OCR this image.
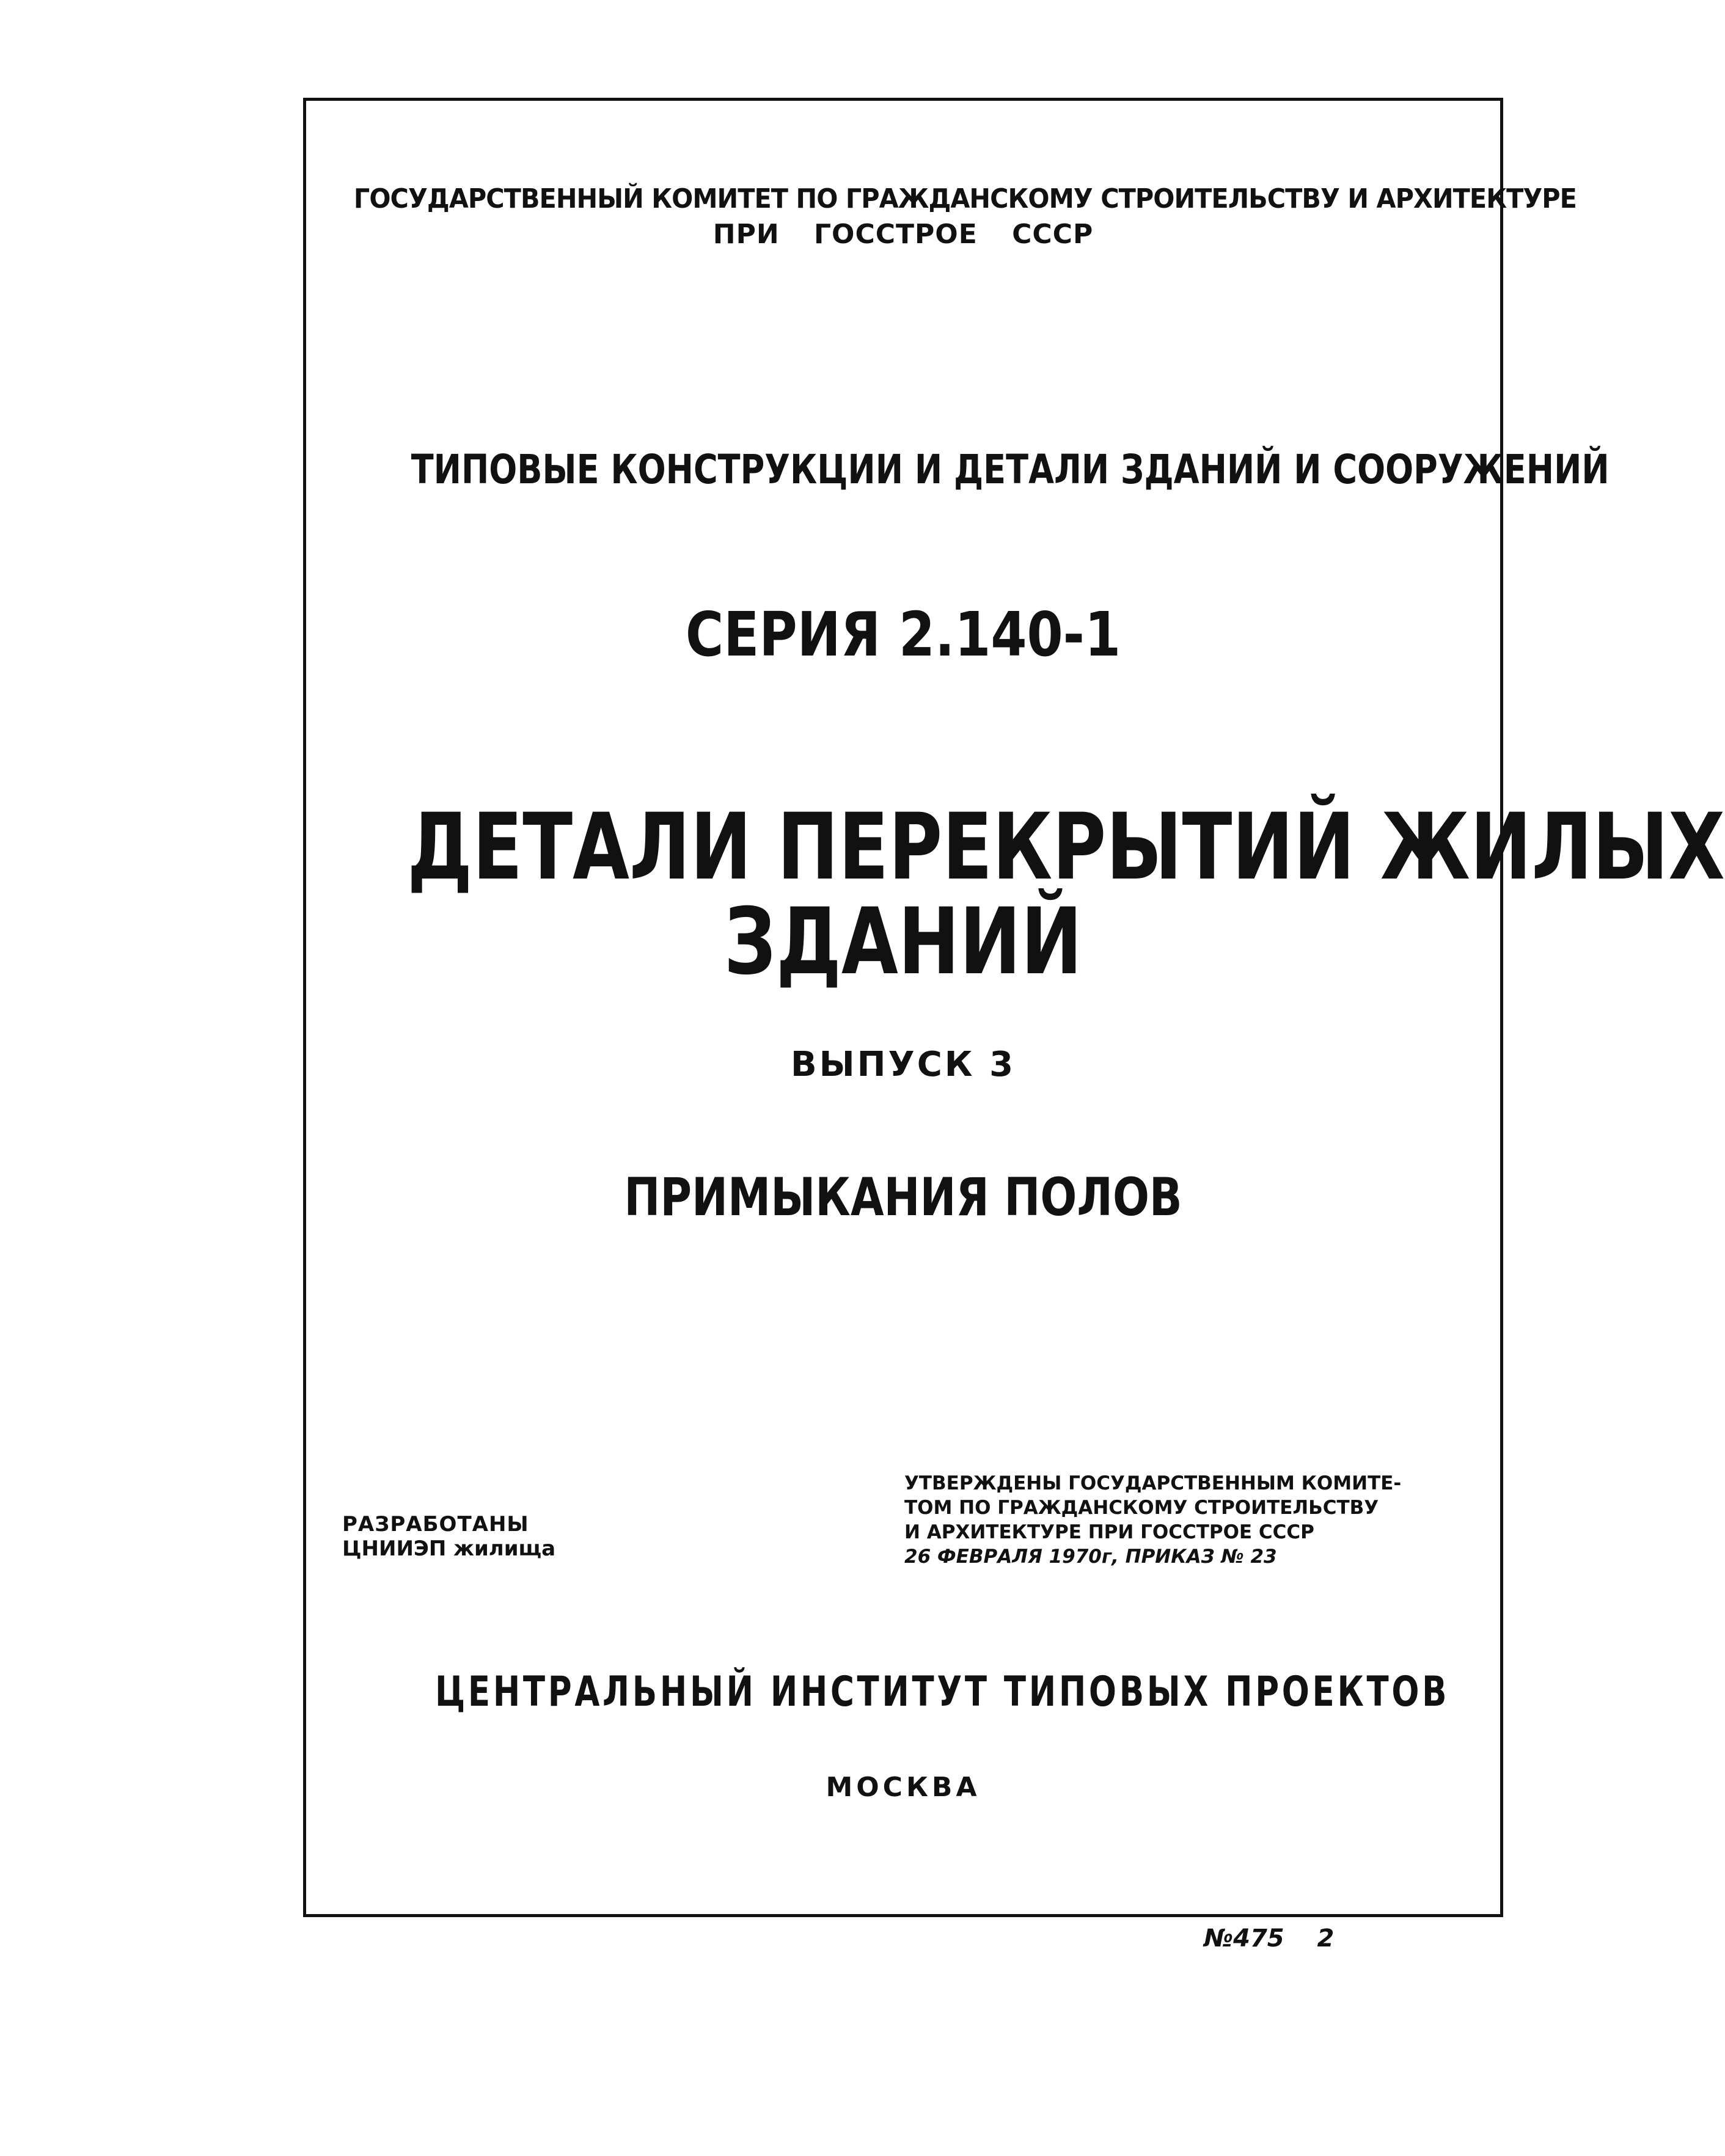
ГОСУДАРСТВЕННЫЙ КОМИТЕТ ПО ГРАЖДАНСКОМУ СТРОИТЕЛЬСТВУ И АРХИТЕКТУРЕ
ПРИ ГОССТРОЕ СССР
ТИПОВЫЕ КОНСТРУКЦИИ И ДЕТАЛИ ЗДАНИЙ И СООРУЖЕНИЙ
СЕРИЯ 2.140-1
ДЕТАЛИ ПЕРЕКРЫТИЙ ЖИЛЫХ
ЗДАНИЙ
ВЫПУСК 3
ПРИМЫКАНИЯ ПОЛОВ
РАЗРАБОТАНЫ
ЦНИИЭП жилища
УТВЕРЖДЕНЫ ГОСУДАРСТВЕННЫМ КОМИТЕ-
ТОМ ПО ГРАЖДАНСКОМУ СТРОИТЕЛЬСТВУ
И АРХИТЕКТУРЕ ПРИ ГОССТРОЕ СССР
26 ФЕВРАЛЯ 1970г, ПРИКАЗ № 23
ЦЕНТРАЛЬНЫЙ ИНСТИТУТ ТИПОВЫХ ПРОЕКТОВ
МОСКВА
№475 2
